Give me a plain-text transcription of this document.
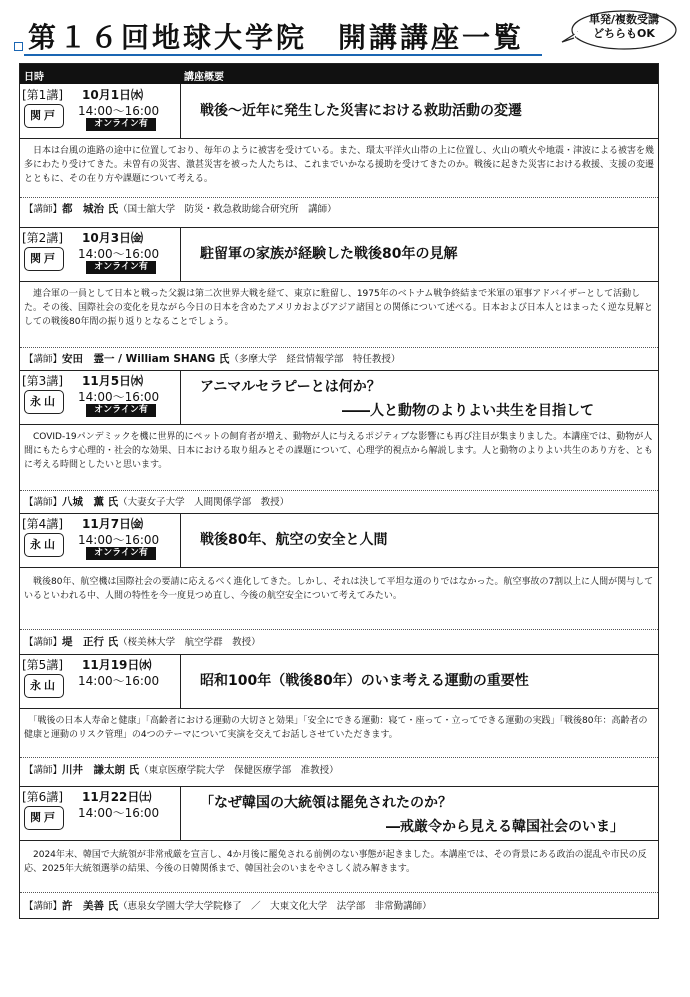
第１６回地球大学院　開講講座一覧
単発/複数受講
どちらもOK
日時	講座概要
[第1講] 10月1日㈬
14:00〜16:00
関戸
オンライン有
戦後〜近年に発生した災害における救助活動の変遷
　日本は台風の進路の途中に位置しており、毎年のように被害を受けている。また、環太平洋火山帯の上に位置し、火山の噴火や地震・津波による被害を幾多にわたり受けてきた。未曽有の災害、激甚災害を被った人たちは、これまでいかなる援助を受けてきたのか。戦後に起きた災害における救援、支援の変遷とともに、その在り方や課題について考える。
【講師】都　城治 氏（国士舘大学　防災・救急救助総合研究所　講師）
[第2講] 10月3日㈮
14:00〜16:00
関戸
オンライン有
駐留軍の家族が経験した戦後80年の見解
　連合軍の一員として日本と戦った父親は第二次世界大戦を経て、東京に駐留し、1975年のベトナム戦争終結まで米軍の軍事アドバイザーとして活動した。その後、国際社会の変化を見ながら今日の日本を含めたアメリカおよびアジア諸国との関係について述べる。日本および日本人とはまったく逆な見解としての戦後80年間の振り返りとなることでしょう。
【講師】安田　霊一 / William SHANG 氏（多摩大学　経営情報学部　特任教授）
[第3講] 11月5日㈬
14:00〜16:00
永山
オンライン有
アニマルセラピーとは何か？
――人と動物のよりよい共生を目指して
　COVID-19パンデミックを機に世界的にペットの飼育者が増え、動物が人に与えるポジティブな影響にも再び注目が集まりました。本講座では、動物が人間にもたらす心理的・社会的な効果、日本における取り組みとその課題について、心理学的視点から解説します。人と動物のよりよい共生のあり方を、ともに考える時間としたいと思います。
【講師】八城　薫 氏（大妻女子大学　人間関係学部　教授）
[第4講] 11月7日㈮
14:00〜16:00
永山
オンライン有
戦後80年、航空の安全と人間
　戦後80年、航空機は国際社会の要請に応えるべく進化してきた。しかし、それは決して平坦な道のりではなかった。航空事故の7割以上に人間が関与しているといわれる中、人間の特性を今一度見つめ直し、今後の航空安全について考えてみたい。
【講師】堤　正行 氏（桜美林大学　航空学群　教授）
[第5講] 11月19日㈬
14:00〜16:00
永山	昭和100年（戦後80年）のいま考える運動の重要性
　「戦後の日本人寿命と健康」「高齢者における運動の大切さと効果」「安全にできる運動：寝て・座って・立ってできる運動の実践」「戦後80年：高齢者の健康と運動のリスク管理」の4つのテーマについて実演を交えてお話しさせていただきます。
【講師】川井　謙太朗 氏（東京医療学院大学　保健医療学部　准教授）
[第6講] 11月22日㈯
14:00〜16:00
関戸
「なぜ韓国の大統領は罷免されたのか？
―戒厳令から見える韓国社会のいま」
　2024年末、韓国で大統領が非常戒厳を宣言し、4か月後に罷免される前例のない事態が起きました。本講座では、その背景にある政治の混乱や市民の反応、2025年大統領選挙の結果、今後の日韓関係まで、韓国社会のいまをやさしく読み解きます。
【講師】許　美善 氏（恵泉女学園大学大学院修了　／　大東文化大学　法学部　非常勤講師）
